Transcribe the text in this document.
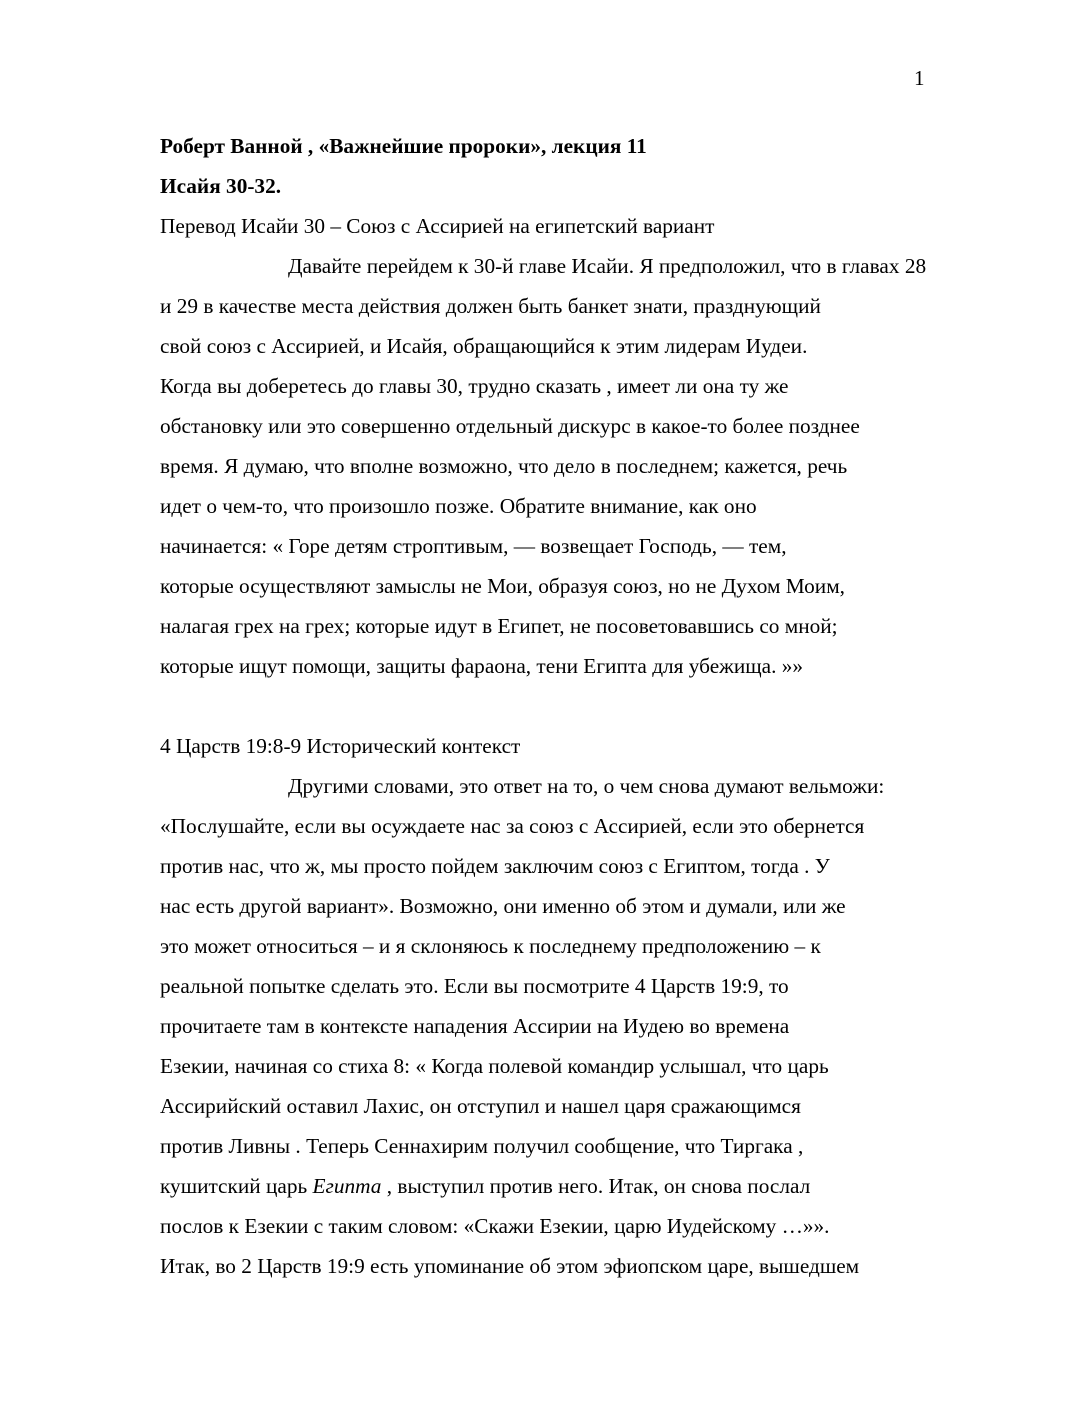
1
Роберт Ванной , «Важнейшие пророки», лекция 11
Исайя 30-32.
Перевод Исайи 30 – Союз с Ассирией на египетский вариант
Давайте перейдем к 30-й главе Исайи. Я предположил, что в главах 28
и 29 в качестве места действия должен быть банкет знати, празднующий
свой союз с Ассирией, и Исайя, обращающийся к этим лидерам Иудеи.
Когда вы доберетесь до главы 30, трудно сказать , имеет ли она ту же
обстановку или это совершенно отдельный дискурс в какое-то более позднее
время. Я думаю, что вполне возможно, что дело в последнем; кажется, речь
идет о чем-то, что произошло позже. Обратите внимание, как оно
начинается: « Горе детям строптивым, — возвещает Господь, — тем,
которые осуществляют замыслы не Мои, образуя союз, но не Духом Моим,
налагая грех на грех; которые идут в Египет, не посоветовавшись со мной;
которые ищут помощи, защиты фараона, тени Египта для убежища. »»
4 Царств 19:8-9 Исторический контекст
Другими словами, это ответ на то, о чем снова думают вельможи:
«Послушайте, если вы осуждаете нас за союз с Ассирией, если это обернется
против нас, что ж, мы просто пойдем заключим союз с Египтом, тогда . У
нас есть другой вариант». Возможно, они именно об этом и думали, или же
это может относиться – и я склоняюсь к последнему предположению – к
реальной попытке сделать это. Если вы посмотрите 4 Царств 19:9, то
прочитаете там в контексте нападения Ассирии на Иудею во времена
Езекии, начиная со стиха 8: « Когда полевой командир услышал, что царь
Ассирийский оставил Лахис, он отступил и нашел царя сражающимся
против Ливны . Теперь Сеннахирим получил сообщение, что Тиргака ,
кушитский царь Египта , выступил против него. Итак, он снова послал
послов к Езекии с таким словом: «Скажи Езекии, царю Иудейскому …»».
Итак, во 2 Царств 19:9 есть упоминание об этом эфиопском царе, вышедшем
